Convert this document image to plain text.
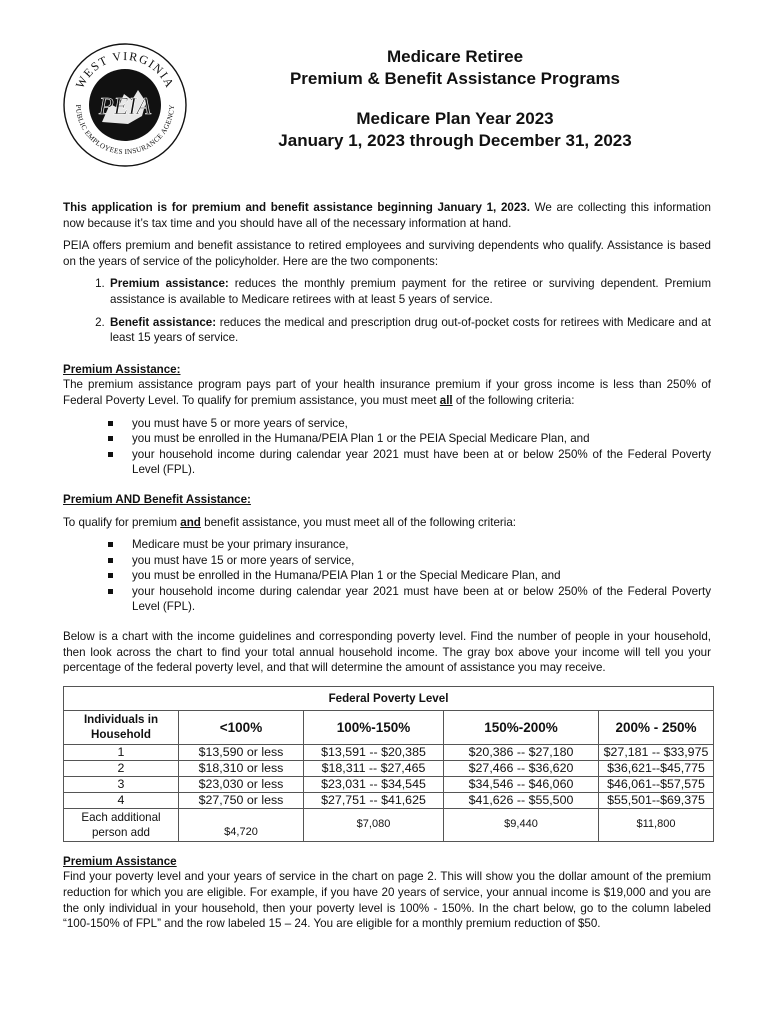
WEST VIRGINIA
PUBLIC EMPLOYEES INSURANCE AGENCY
PEIA
Medicare Retiree
Premium & Benefit Assistance Programs
Medicare Plan Year 2023
January 1, 2023 through December 31, 2023

This application is for premium and benefit assistance beginning January 1, 2023. We are collecting this information now because it’s tax time and you should have all of the necessary information at hand.

PEIA offers premium and benefit assistance to retired employees and surviving dependents who qualify. Assistance is based on the years of service of the policyholder. Here are the two components:

1. Premium assistance: reduces the monthly premium payment for the retiree or surviving dependent. Premium assistance is available to Medicare retirees with at least 5 years of service.
2. Benefit assistance: reduces the medical and prescription drug out-of-pocket costs for retirees with Medicare and at least 15 years of service.

Premium Assistance:

The premium assistance program pays part of your health insurance premium if your gross income is less than 250% of Federal Poverty Level. To qualify for premium assistance, you must meet all of the following criteria:

you must have 5 or more years of service,
you must be enrolled in the Humana/PEIA Plan 1 or the PEIA Special Medicare Plan, and
your household income during calendar year 2021 must have been at or below 250% of the Federal Poverty Level (FPL).

Premium AND Benefit Assistance:

To qualify for premium and benefit assistance, you must meet all of the following criteria:

Medicare must be your primary insurance,
you must have 15 or more years of service,
you must be enrolled in the Humana/PEIA Plan 1 or the Special Medicare Plan, and
your household income during calendar year 2021 must have been at or below 250% of the Federal Poverty Level (FPL).

Below is a chart with the income guidelines and corresponding poverty level. Find the number of people in your household, then look across the chart to find your total annual household income. The gray box above your income will tell you your percentage of the federal poverty level, and that will determine the amount of assistance you may receive.

Federal Poverty Level				
Individuals in Household	<100%	100%-150%	150%-200%	200% - 250%
1	$13,590 or less	$13,591 -- $20,385	$20,386 -- $27,180	$27,181 -- $33,975
2	$18,310 or less	$18,311 -- $27,465	$27,466 -- $36,620	$36,621--$45,775
3	$23,030 or less	$23,031 -- $34,545	$34,546 -- $46,060	$46,061--$57,575
4	$27,750 or less	$27,751 -- $41,625	$41,626 -- $55,500	$55,501--$69,375
Each additional person add	$4,720	$7,080	$9,440	$11,800

Premium Assistance

Find your poverty level and your years of service in the chart on page 2. This will show you the dollar amount of the premium reduction for which you are eligible. For example, if you have 20 years of service, your annual income is $19,000 and you are the only individual in your household, then your poverty level is 100% - 150%. In the chart below, go to the column labeled “100-150% of FPL” and the row labeled 15 – 24. You are eligible for a monthly premium reduction of $50.
